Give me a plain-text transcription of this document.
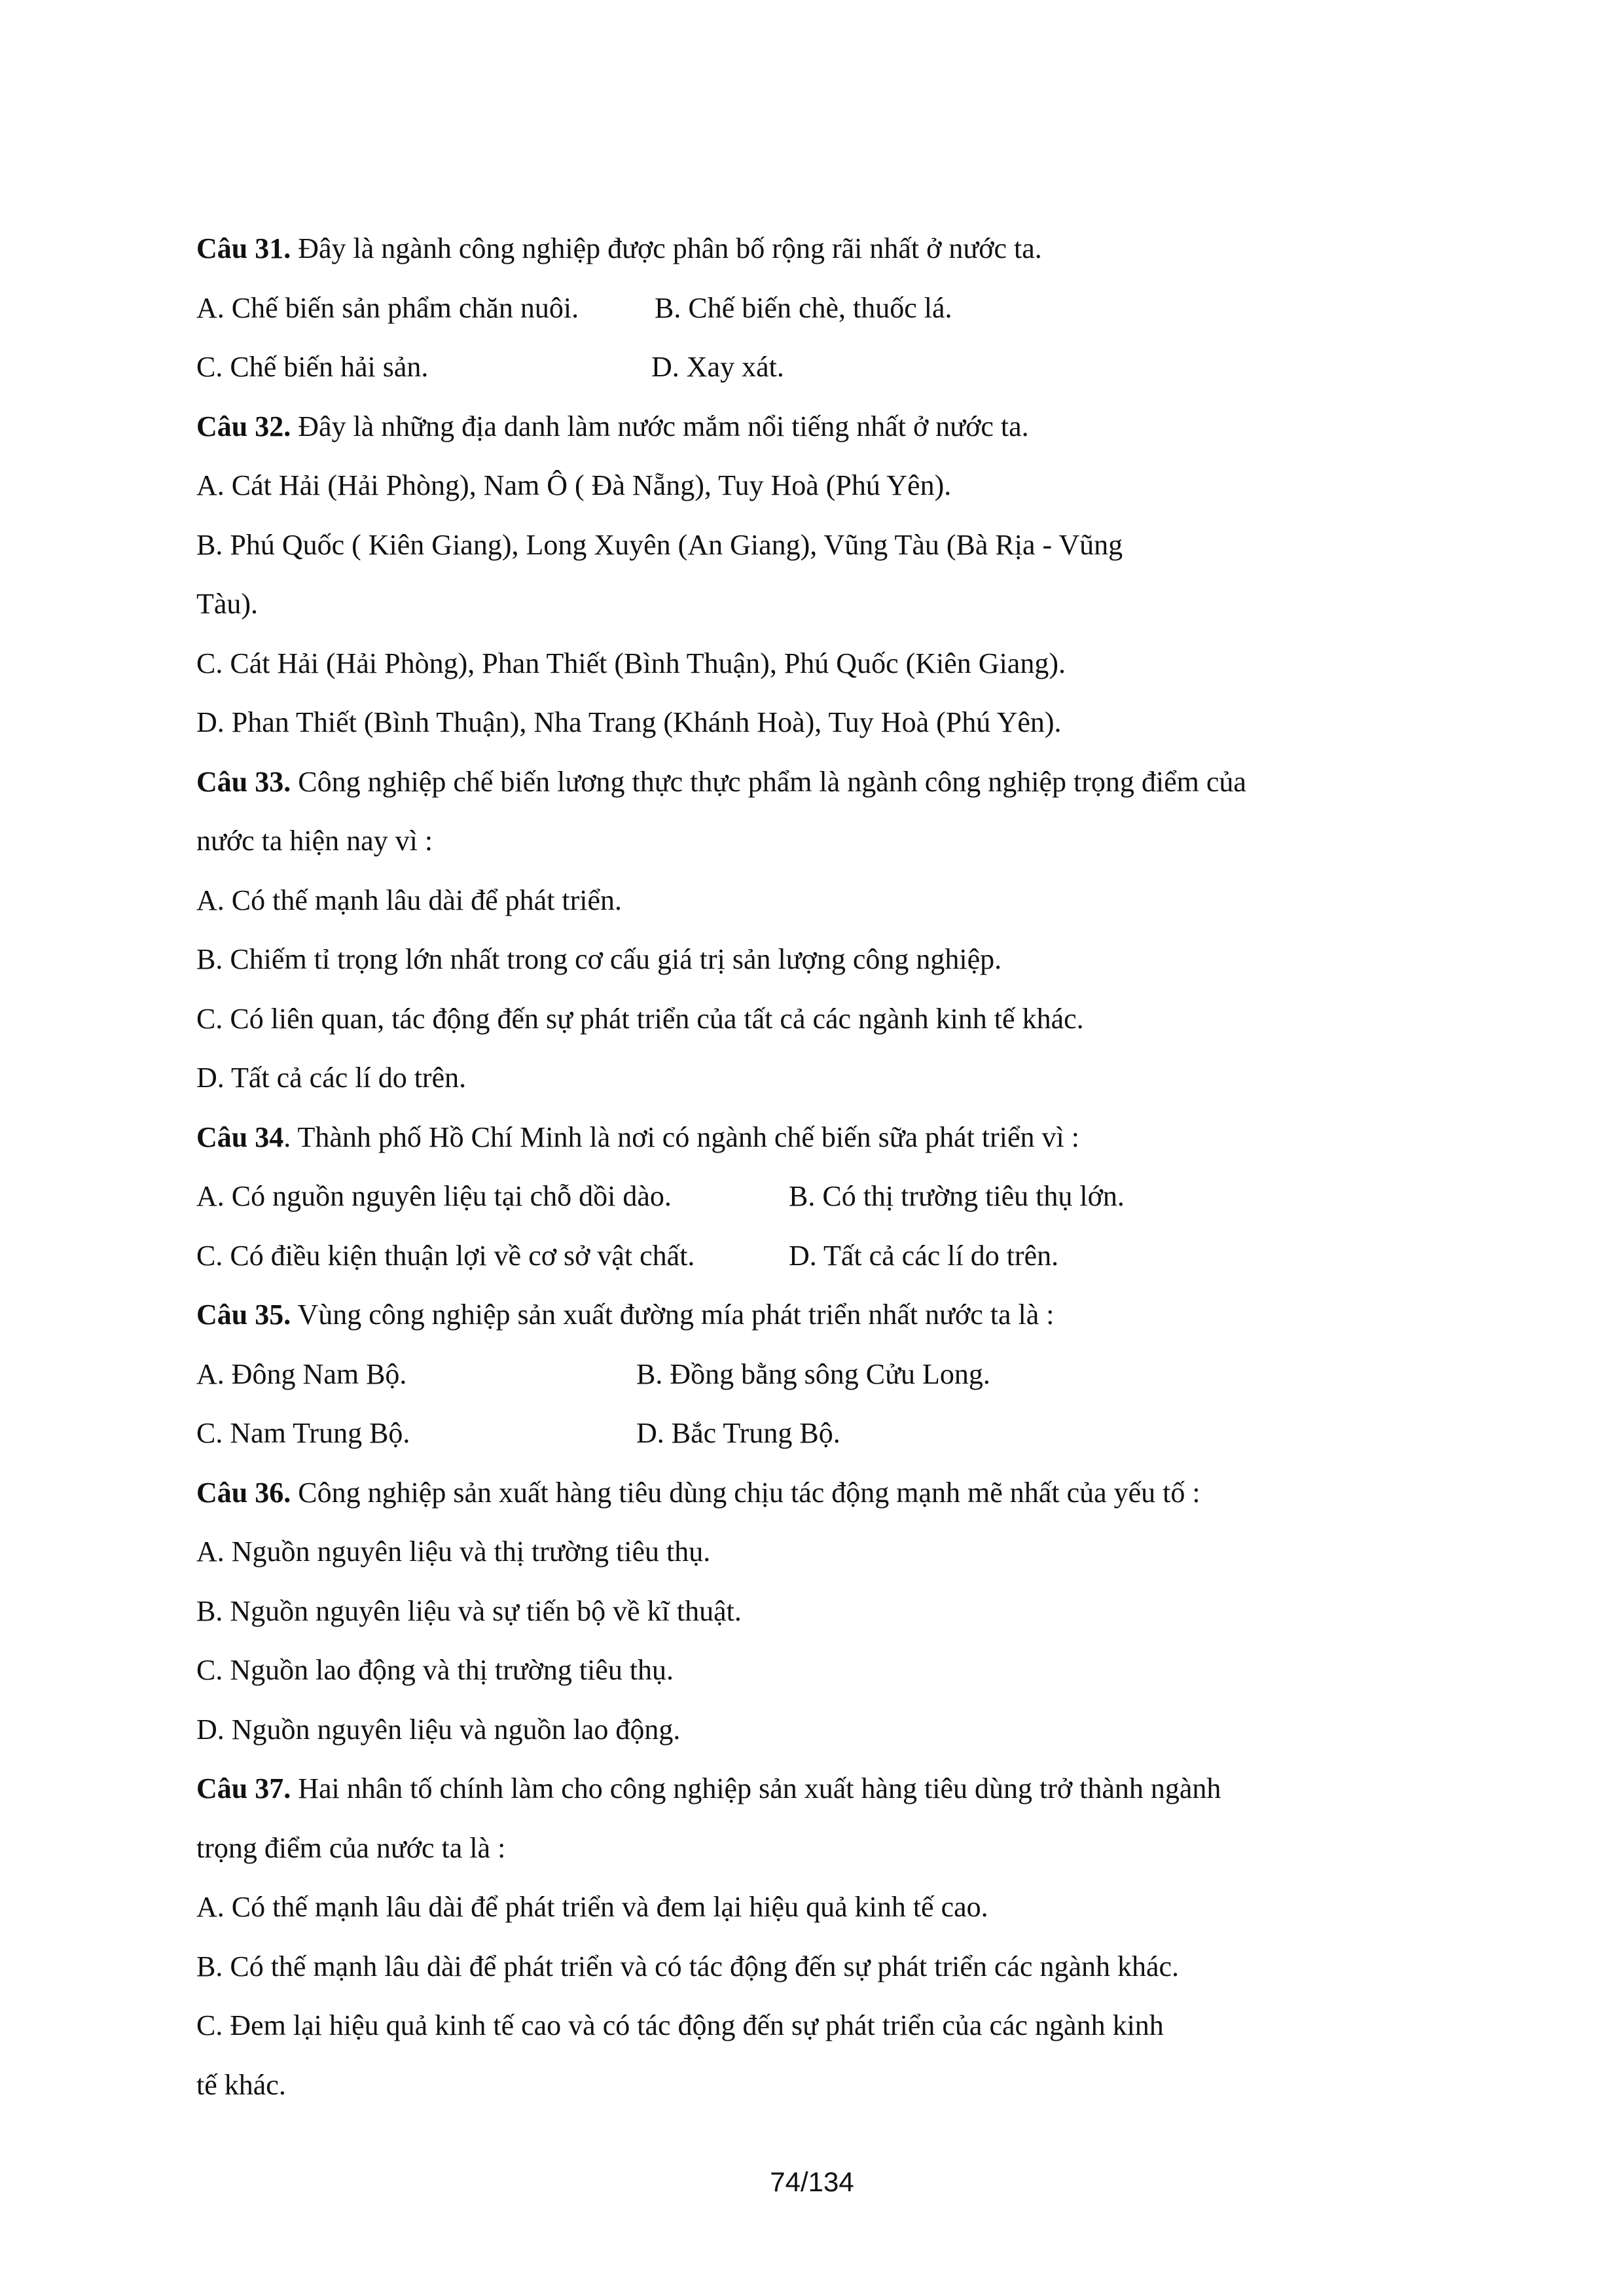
Câu 31. Đây là ngành công nghiệp được phân bố rộng rãi nhất ở nước ta.
A. Chế biến sản phẩm chăn nuôi.	B. Chế biến chè, thuốc lá.
C. Chế biến hải sản.	D. Xay xát.
Câu 32. Đây là những địa danh làm nước mắm nổi tiếng nhất ở nước ta.
A. Cát Hải (Hải Phòng), Nam Ô ( Đà Nẵng), Tuy Hoà (Phú Yên).
B. Phú Quốc ( Kiên Giang), Long Xuyên (An Giang), Vũng Tàu (Bà Rịa - Vũng
Tàu).
C. Cát Hải (Hải Phòng), Phan Thiết (Bình Thuận), Phú Quốc (Kiên Giang).
D. Phan Thiết (Bình Thuận), Nha Trang (Khánh Hoà), Tuy Hoà (Phú Yên).
Câu 33. Công nghiệp chế biến lương thực thực phẩm là ngành công nghiệp trọng điểm của
nước ta hiện nay vì :
A. Có thế mạnh lâu dài để phát triển.
B. Chiếm tỉ trọng lớn nhất trong cơ cấu giá trị sản lượng công nghiệp.
C. Có liên quan, tác động đến sự phát triển của tất cả các ngành kinh tế khác.
D. Tất cả các lí do trên.
Câu 34. Thành phố Hồ Chí Minh là nơi có ngành chế biến sữa phát triển vì :
A. Có nguồn nguyên liệu tại chỗ dồi dào.	B. Có thị trường tiêu thụ lớn.
C. Có điều kiện thuận lợi về cơ sở vật chất.	D. Tất cả các lí do trên.
Câu 35. Vùng công nghiệp sản xuất đường mía phát triển nhất nước ta là :
A. Đông Nam Bộ.	B. Đồng bằng sông Cửu Long.
C. Nam Trung Bộ.	D. Bắc Trung Bộ.
Câu 36. Công nghiệp sản xuất hàng tiêu dùng chịu tác động mạnh mẽ nhất của yếu tố :
A. Nguồn nguyên liệu và thị trường tiêu thụ.
B. Nguồn nguyên liệu và sự tiến bộ về kĩ thuật.
C. Nguồn lao động và thị trường tiêu thụ.
D. Nguồn nguyên liệu và nguồn lao động.
Câu 37. Hai nhân tố chính làm cho công nghiệp sản xuất hàng tiêu dùng trở thành ngành
trọng điểm của nước ta là :
A. Có thế mạnh lâu dài để phát triển và đem lại hiệu quả kinh tế cao.
B. Có thế mạnh lâu dài để phát triển và có tác động đến sự phát triển các ngành khác.
C. Đem lại hiệu quả kinh tế cao và có tác động đến sự phát triển của các ngành kinh
tế khác.
74/134
